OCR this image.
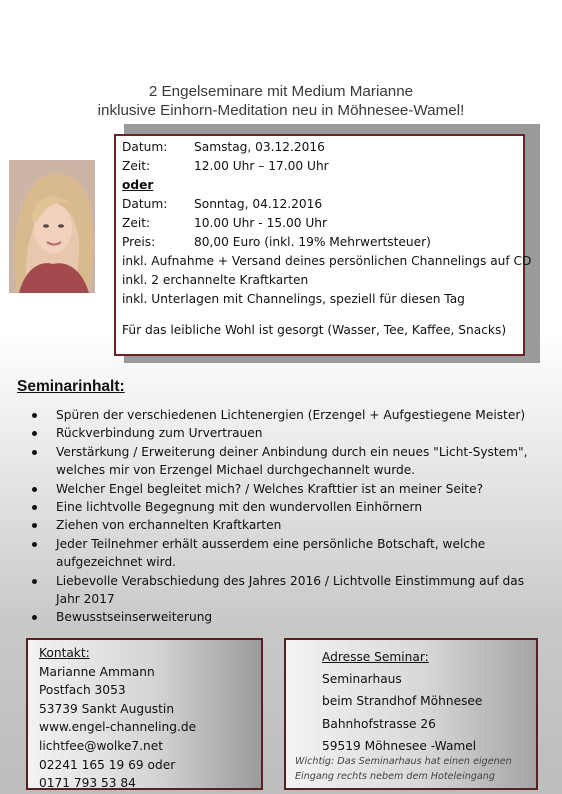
2 Engelseminare mit Medium Marianne
inklusive Einhorn-Meditation neu in Möhnesee-Wamel!
Datum:	Samstag, 03.12.2016
Zeit:	12.00 Uhr – 17.00 Uhr
oder
Datum:	Sonntag, 04.12.2016
Zeit:	10.00 Uhr - 15.00 Uhr
Preis:	80,00 Euro (inkl. 19% Mehrwertsteuer)
inkl. Aufnahme + Versand deines persönlichen Channelings auf CD
inkl. 2 erchannelte Kraftkarten
inkl. Unterlagen mit Channelings, speziell für diesen Tag
Für das leibliche Wohl ist gesorgt (Wasser, Tee, Kaffee, Snacks)
Seminarinhalt:
Spüren der verschiedenen Lichtenergien (Erzengel + Aufgestiegene Meister)
Rückverbindung zum Urvertrauen
Verstärkung / Erweiterung deiner Anbindung durch ein neues "Licht-System", welches mir von Erzengel Michael durchgechannelt wurde.
Welcher Engel begleitet mich? / Welches Krafttier ist an meiner Seite?
Eine lichtvolle Begegnung mit den wundervollen Einhörnern
Ziehen von erchannelten Kraftkarten
Jeder Teilnehmer erhält ausserdem eine persönliche Botschaft, welche aufgezeichnet wird.
Liebevolle Verabschiedung des Jahres 2016 / Lichtvolle Einstimmung auf das Jahr 2017
Bewusstseinserweiterung
Kontakt:
Marianne Ammann
Postfach 3053
53739 Sankt Augustin
www.engel-channeling.de
lichtfee@wolke7.net
02241 165 19 69 oder
0171 793 53 84
Adresse Seminar:
Seminarhaus
beim Strandhof Möhnesee
Bahnhofstrasse 26
59519 Möhnesee -Wamel
Wichtig: Das Seminarhaus hat einen eigenen
Eingang rechts nebem dem Hoteleingang
